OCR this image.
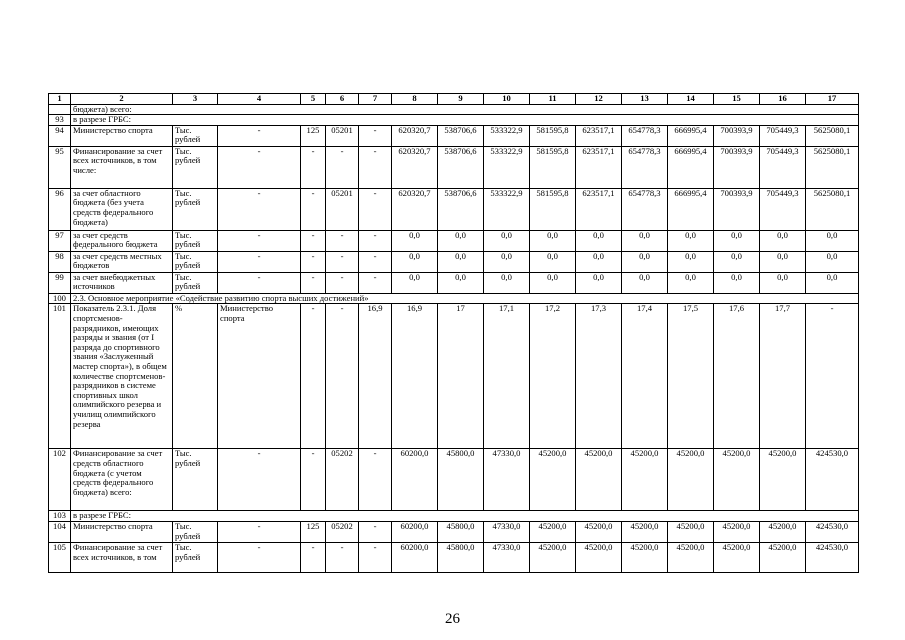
1	2	3	4	5	6	7	8	9	10	11	12	13	14	15	16	17
	бюджета) всего:															
93	в разрезе ГРБС:															
94	Министерство спорта	Тыс. рублей	-	125	05201	-	620320,7	538706,6	533322,9	581595,8	623517,1	654778,3	666995,4	700393,9	705449,3	5625080,1
95	Финансирование за счет всех источников, в том числе:	Тыс. рублей	-	-	-	-	620320,7	538706,6	533322,9	581595,8	623517,1	654778,3	666995,4	700393,9	705449,3	5625080,1
96	за счет областного бюджета (без учета средств федерального бюджета)	Тыс. рублей	-	-	05201	-	620320,7	538706,6	533322,9	581595,8	623517,1	654778,3	666995,4	700393,9	705449,3	5625080,1
97	за счет средств федерального бюджета	Тыс. рублей	-	-	-	-	0,0	0,0	0,0	0,0	0,0	0,0	0,0	0,0	0,0	0,0
98	за счет средств местных бюджетов	Тыс. рублей	-	-	-	-	0,0	0,0	0,0	0,0	0,0	0,0	0,0	0,0	0,0	0,0
99	за счет внебюджетных источников	Тыс. рублей	-	-	-	-	0,0	0,0	0,0	0,0	0,0	0,0	0,0	0,0	0,0	0,0
100	2.3. Основное мероприятие «Содействие развитию спорта высших достижений»															
101	Показатель 2.3.1. Доля спортсменов-разрядников, имеющих разряды и звания (от I разряда до спортивного звания «Заслуженный мастер спорта»), в общем количестве спортсменов-разрядников в системе спортивных школ олимпийского резерва и училищ олимпийского резерва	%	Министерство спорта	-	-	16,9	16,9	17	17,1	17,2	17,3	17,4	17,5	17,6	17,7	-
102	Финансирование за счет средств областного бюджета (с учетом средств федерального бюджета) всего:	Тыс. рублей	-	-	05202	-	60200,0	45800,0	47330,0	45200,0	45200,0	45200,0	45200,0	45200,0	45200,0	424530,0
103	в разрезе ГРБС:															
104	Министерство спорта	Тыс. рублей	-	125	05202	-	60200,0	45800,0	47330,0	45200,0	45200,0	45200,0	45200,0	45200,0	45200,0	424530,0
105	Финансирование за счет всех источников, в том	Тыс. рублей	-	-	-	-	60200,0	45800,0	47330,0	45200,0	45200,0	45200,0	45200,0	45200,0	45200,0	424530,0
26
